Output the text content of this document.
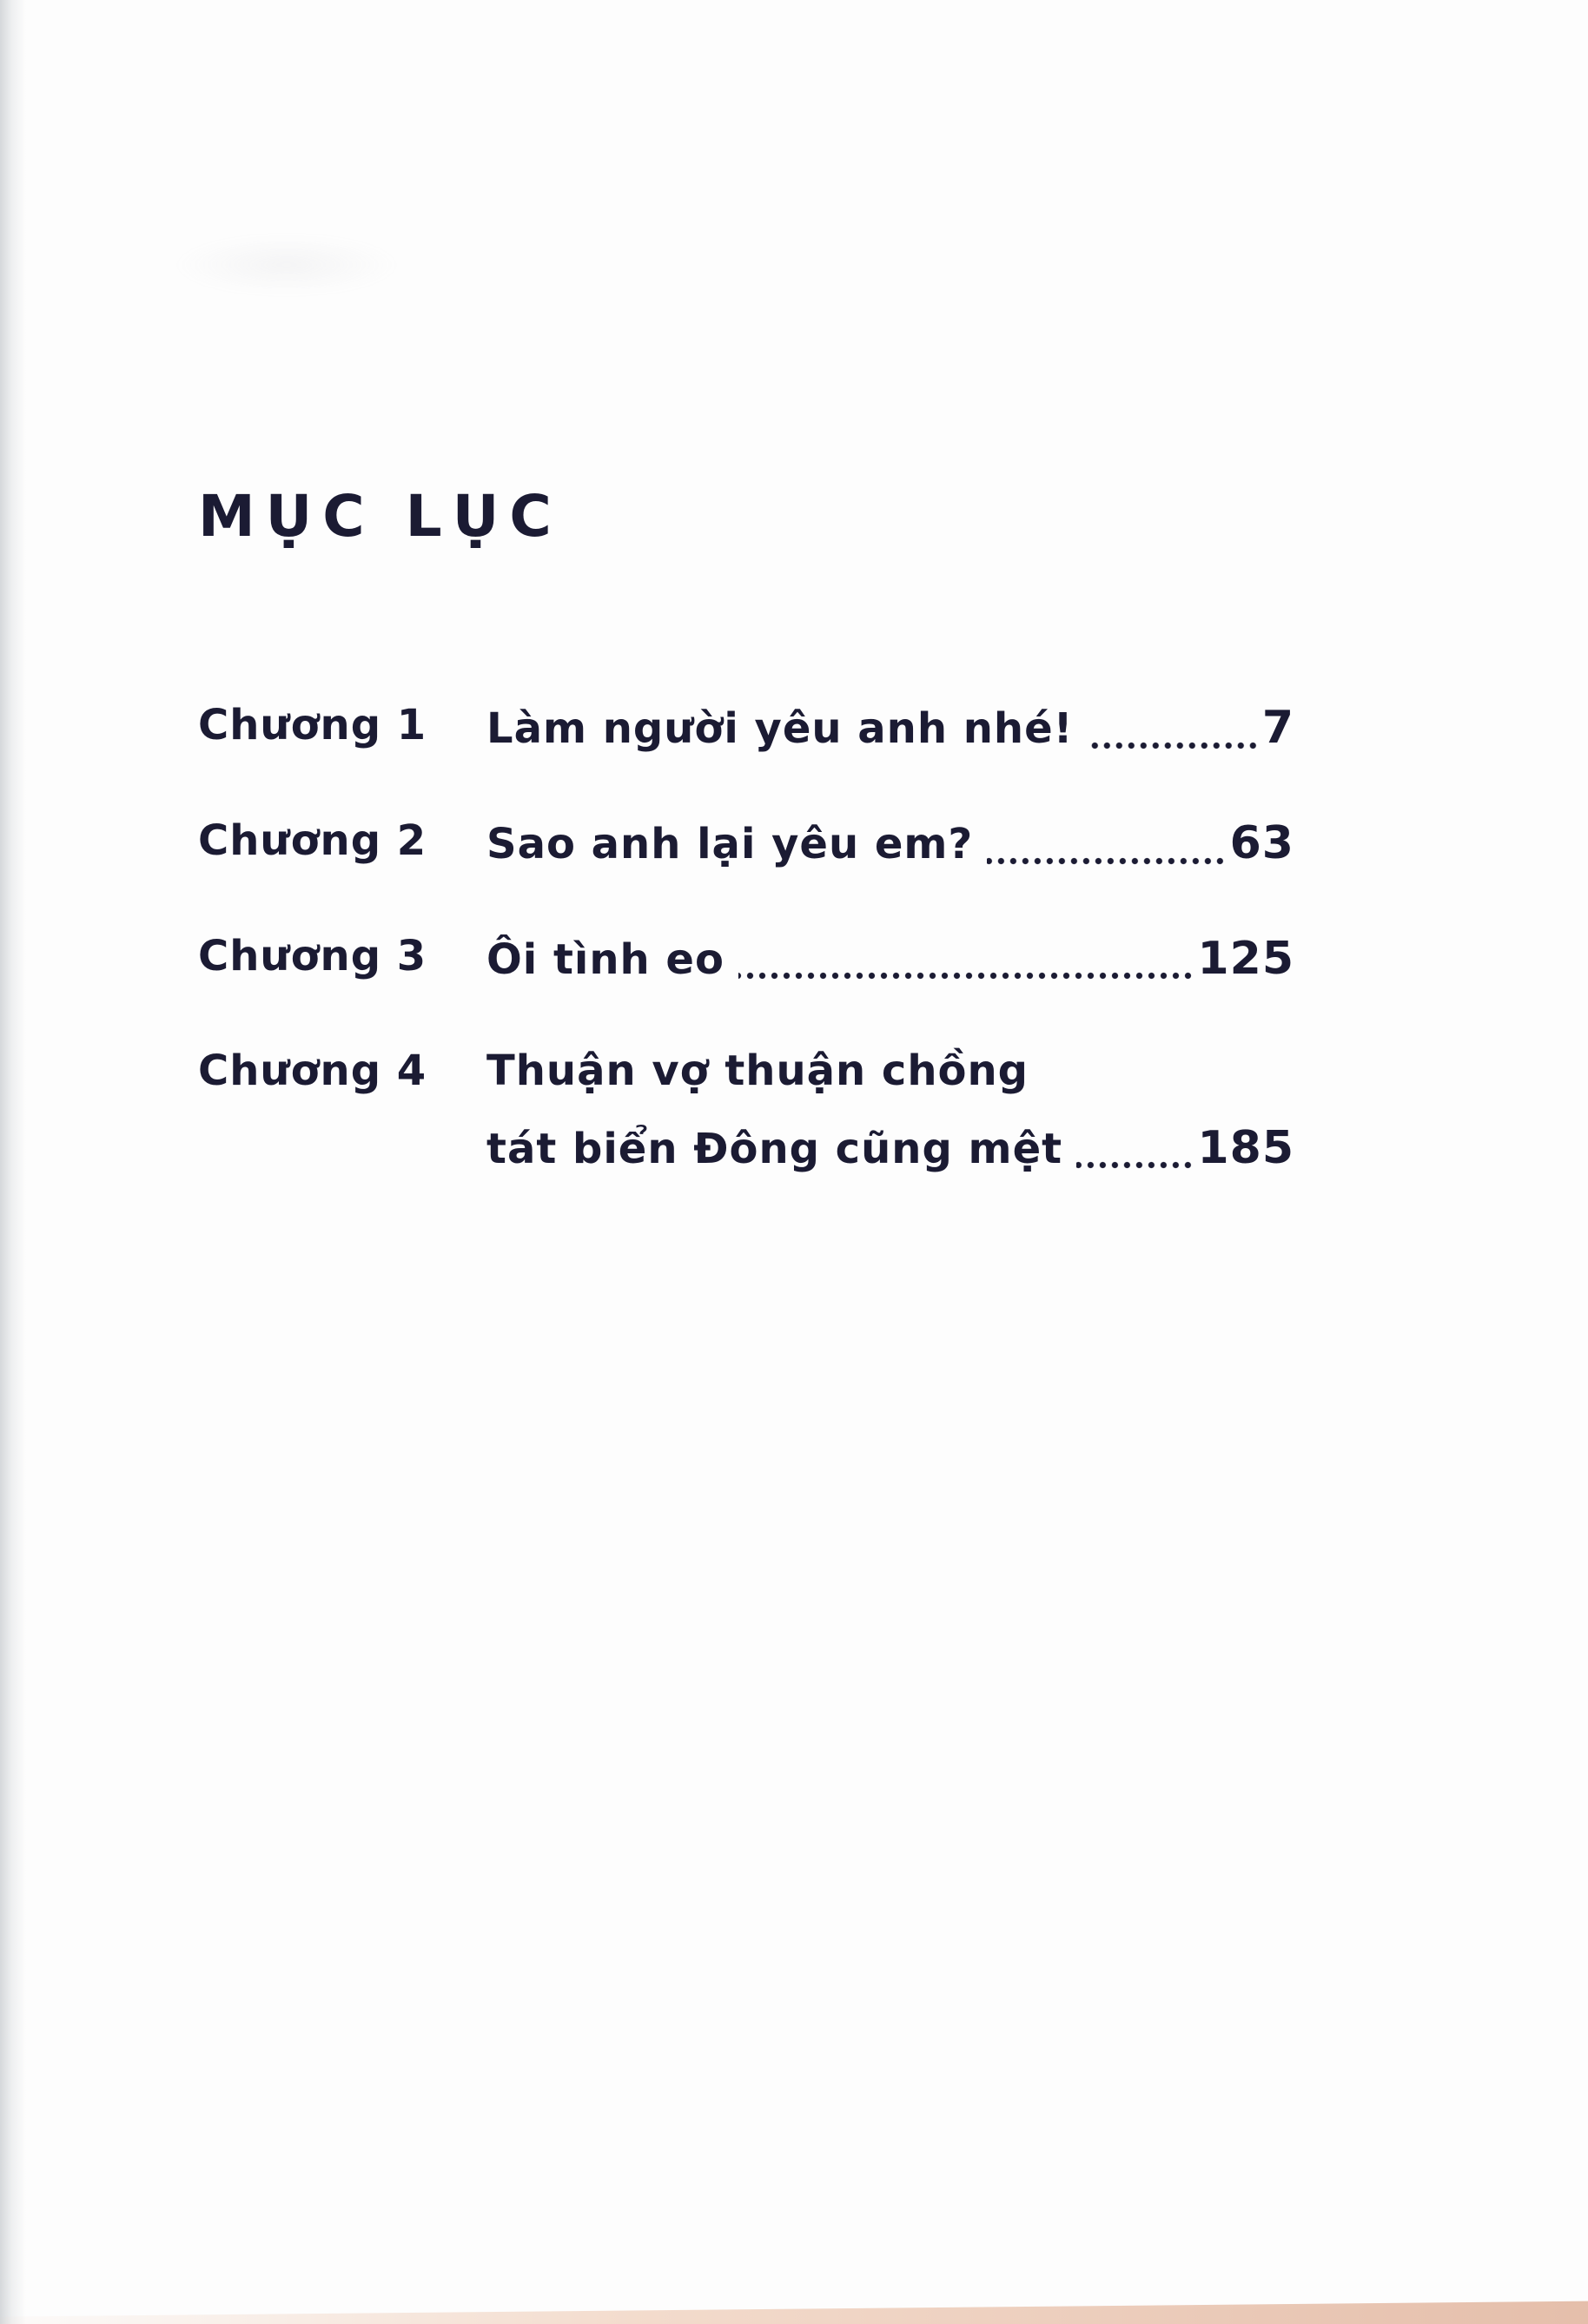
MỤC LỤC
Chương 1	Làm người yêu anh nhé!	7
Chương 2	Sao anh lại yêu em?	63
Chương 3	Ôi tình eo	125
Chương 4	Thuận vợ thuận chồng
tát biển Đông cũng mệt	185
